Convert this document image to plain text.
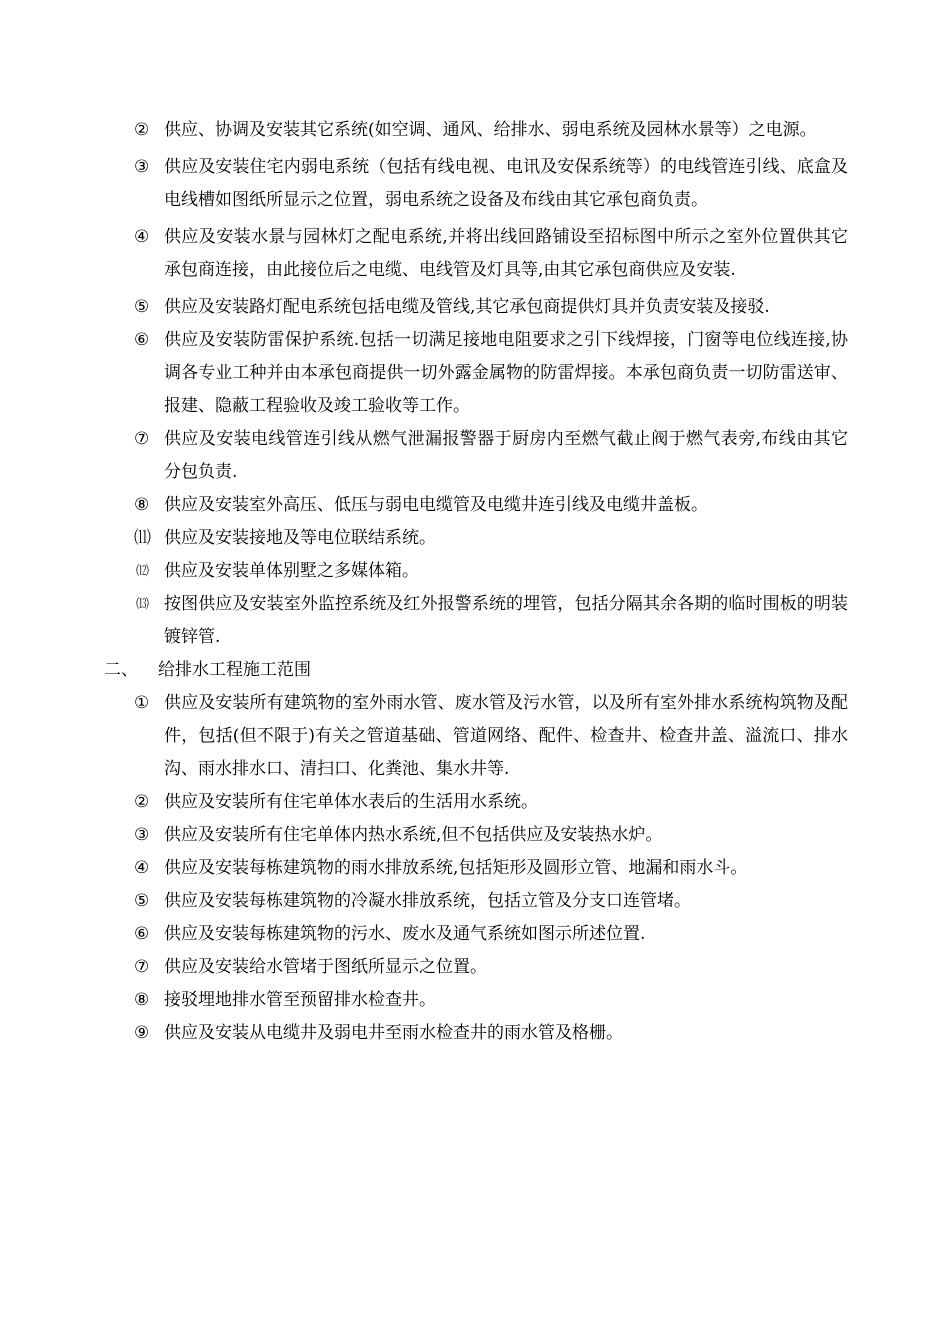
② 供应、协调及安装其它系统(如空调、通风、给排水、弱电系统及园林水景等）之电源。
③ 供应及安装住宅内弱电系统（包括有线电视、电讯及安保系统等）的电线管连引线、底盒及电线槽如图纸所显示之位置，弱电系统之设备及布线由其它承包商负责。
④ 供应及安装水景与园林灯之配电系统,并将出线回路铺设至招标图中所示之室外位置供其它承包商连接，由此接位后之电缆、电线管及灯具等,由其它承包商供应及安装.
⑤ 供应及安装路灯配电系统包括电缆及管线,其它承包商提供灯具并负责安装及接驳.
⑥ 供应及安装防雷保护系统.包括一切满足接地电阻要求之引下线焊接，门窗等电位线连接,协调各专业工种并由本承包商提供一切外露金属物的防雷焊接。本承包商负责一切防雷送审、报建、隐蔽工程验收及竣工验收等工作。
⑦ 供应及安装电线管连引线从燃气泄漏报警器于厨房内至燃气截止阀于燃气表旁,布线由其它分包负责.
⑧ 供应及安装室外高压、低压与弱电电缆管及电缆井连引线及电缆井盖板。
⑾ 供应及安装接地及等电位联结系统。
⑿ 供应及安装单体别墅之多媒体箱。
⒀ 按图供应及安装室外监控系统及红外报警系统的埋管，包括分隔其余各期的临时围板的明装镀锌管.
二、 给排水工程施工范围
① 供应及安装所有建筑物的室外雨水管、废水管及污水管，以及所有室外排水系统构筑物及配件，包括(但不限于)有关之管道基础、管道网络、配件、检查井、检查井盖、溢流口、排水沟、雨水排水口、清扫口、化粪池、集水井等.
② 供应及安装所有住宅单体水表后的生活用水系统。
③ 供应及安装所有住宅单体内热水系统,但不包括供应及安装热水炉。
④ 供应及安装每栋建筑物的雨水排放系统,包括矩形及圆形立管、地漏和雨水斗。
⑤ 供应及安装每栋建筑物的冷凝水排放系统，包括立管及分支口连管堵。
⑥ 供应及安装每栋建筑物的污水、废水及通气系统如图示所述位置.
⑦ 供应及安装给水管堵于图纸所显示之位置。
⑧ 接驳埋地排水管至预留排水检查井。
⑨ 供应及安装从电缆井及弱电井至雨水检查井的雨水管及格栅。
